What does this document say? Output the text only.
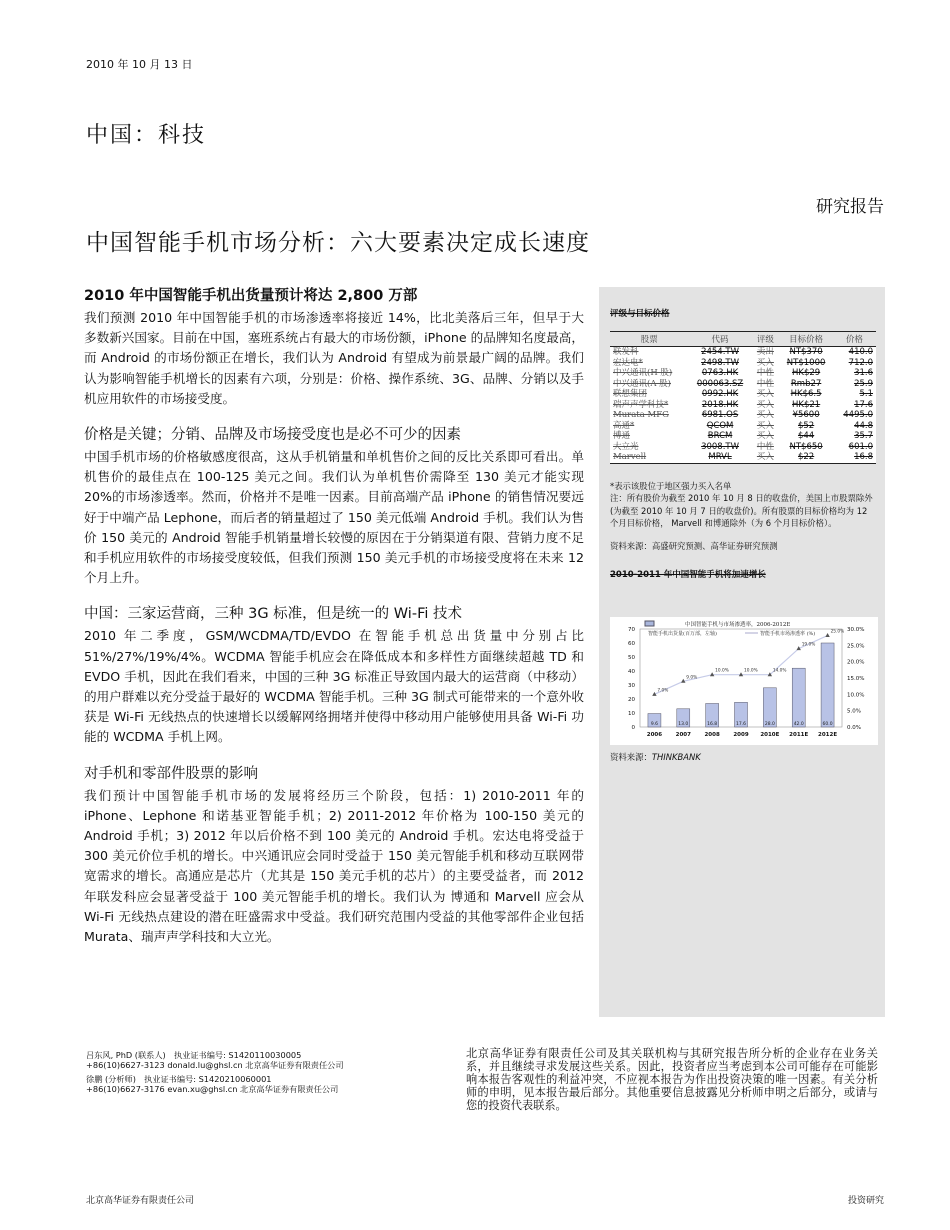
2010 年 10 月 13 日
中国：科技
研究报告
中国智能手机市场分析：六大要素决定成长速度
2010 年中国智能手机出货量预计将达 2,800 万部

我们预测 2010 年中国智能手机的市场渗透率将接近 14%，比北美落后三年，但早于大多数新兴国家。目前在中国，塞班系统占有最大的市场份额，iPhone 的品牌知名度最高，而 Android 的市场份额正在增长，我们认为 Android 有望成为前景最广阔的品牌。我们认为影响智能手机增长的因素有六项，分别是：价格、操作系统、3G、品牌、分销以及手机应用软件的市场接受度。

价格是关键；分销、品牌及市场接受度也是必不可少的因素

中国手机市场的价格敏感度很高，这从手机销量和单机售价之间的反比关系即可看出。单机售价的最佳点在 100-125 美元之间。我们认为单机售价需降至 130 美元才能实现 20%的市场渗透率。然而，价格并不是唯一因素。目前高端产品 iPhone 的销售情况要远好于中端产品 Lephone，而后者的销量超过了 150 美元低端 Android 手机。我们认为售价 150 美元的 Android 智能手机销量增长较慢的原因在于分销渠道有限、营销力度不足和手机应用软件的市场接受度较低，但我们预测 150 美元手机的市场接受度将在未来 12 个月上升。

中国：三家运营商，三种 3G 标准，但是统一的 Wi-Fi 技术

2010 年二季度，GSM/WCDMA/TD/EVDO 在智能手机总出货量中分别占比 51%/27%/19%/4%。WCDMA 智能手机应会在降低成本和多样性方面继续超越 TD 和 EVDO 手机，因此在我们看来，中国的三种 3G 标准正导致国内最大的运营商（中移动）的用户群难以充分受益于最好的 WCDMA 智能手机。三种 3G 制式可能带来的一个意外收获是 Wi-Fi 无线热点的快速增长以缓解网络拥堵并使得中移动用户能够使用具备 Wi-Fi 功能的 WCDMA 手机上网。

对手机和零部件股票的影响

我们预计中国智能手机市场的发展将经历三个阶段，包括：1) 2010-2011 年的 iPhone、Lephone 和诺基亚智能手机；2) 2011-2012 年价格为 100-150 美元的 Android 手机；3) 2012 年以后价格不到 100 美元的 Android 手机。宏达电将受益于 300 美元价位手机的增长。中兴通讯应会同时受益于 150 美元智能手机和移动互联网带宽需求的增长。高通应是芯片（尤其是 150 美元手机的芯片）的主要受益者，而 2012 年联发科应会显著受益于 100 美元智能手机的增长。我们认为 博通和 Marvell 应会从 Wi-Fi 无线热点建设的潜在旺盛需求中受益。我们研究范围内受益的其他零部件企业包括 Murata、瑞声声学科技和大立光。

评级与目标价格

股票	代码	评级	目标价格	价格
联发科	2454.TW	卖出	NT$370	410.0
宏达电*	2498.TW	买入	NT$1000	712.0
中兴通讯(H 股)	0763.HK	中性	HK$29	31.6
中兴通讯(A 股)	000063.SZ	中性	Rmb27	25.9
联想集团	0992.HK	买入	HK$6.5	5.1
瑞声声学科技*	2018.HK	买入	HK$21	17.6
Murata MFG	6981.OS	买入	¥5600	4495.0
高通*	QCOM	买入	$52	44.8
博通	BRCM	买入	$44	35.7
大立光	3008.TW	中性	NT$650	601.0
Marvell	MRVL	买入	$22	16.8

*表示该股位于地区强力买入名单
注：所有股价为截至 2010 年 10 月 8 日的收盘价，美国上市股票除外(为截至 2010 年 10 月 7 日的收盘价)。所有股票的目标价格均为 12 个月目标价格， Marvell 和博通除外（为 6 个月目标价格）。

资料来源：高盛研究预测、高华证券研究预测

2010-2011 年中国智能手机将加速增长

资料来源：THINKBANK
中国智能手机与市场渗透率，2006-2012E
智能手机出货量(百万部，左轴)	智能手机市场渗透率 (%)
70
60
50
40
30
20
10
0
30.0%
25.0%
20.0%
15.0%
10.0%
5.0%
0.0%
9.6
2006
13.0
2007
16.8
2008
17.6
2009
28.0
2010E
42.0
2011E
60.0
2012E
7.0%
9.0%
10.0%	10.0%	14.0%
19.0%
25.0%
吕东风, PhD (联系人)　执业证书编号: S1420110030005
+86(10)6627-3123 donald.lu@ghsl.cn 北京高华证券有限责任公司
徐鹏 (分析师)　执业证书编号: S1420210060001
+86(10)6627-3176 evan.xu@ghsl.cn 北京高华证券有限责任公司
北京高华证券有限责任公司及其关联机构与其研究报告所分析的企业存在业务关系，并且继续寻求发展这些关系。因此，投资者应当考虑到本公司可能存在可能影响本报告客观性的利益冲突，不应视本报告为作出投资决策的唯一因素。有关分析师的申明，见本报告最后部分。其他重要信息披露见分析师申明之后部分，或请与您的投资代表联系。
北京高华证券有限责任公司	投资研究
